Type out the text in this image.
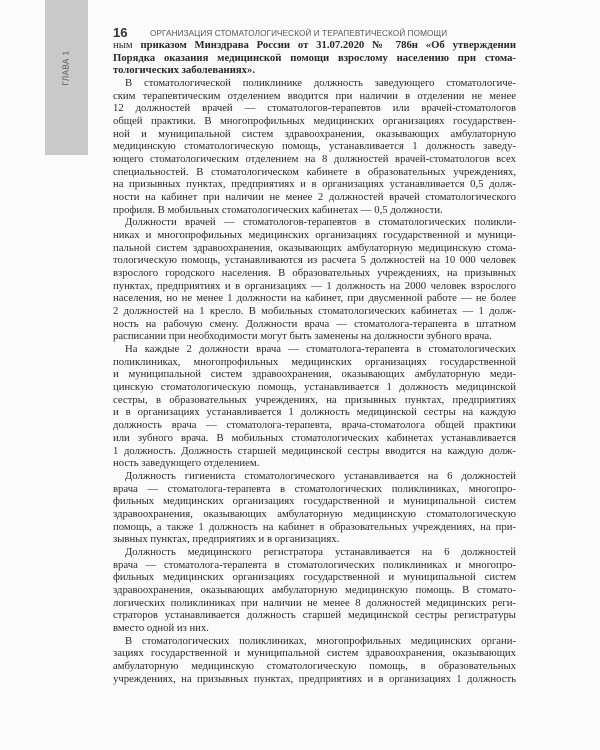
ГЛАВА 1
16	ОРГАНИЗАЦИЯ СТОМАТОЛОГИЧЕСКОЙ И ТЕРАПЕВТИЧЕСКОЙ ПОМОЩИ
ным приказом Минздрава России от 31.07.2020 № 786н «Об утверждении
Порядка оказания медицинской помощи взрослому населению при стома-
тологических заболеваниях».
В стоматологической поликлинике должность заведующего стоматологиче-
ским терапевтическим отделением вводится при наличии в отделении не менее
12 должностей врачей — стоматологов-терапевтов или врачей-стоматологов
общей практики. В многопрофильных медицинских организациях государствен-
ной и муниципальной систем здравоохранения, оказывающих амбулаторную
медицинскую стоматологическую помощь, устанавливается 1 должность заведу-
ющего стоматологическим отделением на 8 должностей врачей-стоматологов всех
специальностей. В стоматологическом кабинете в образовательных учреждениях,
на призывных пунктах, предприятиях и в организациях устанавливается 0,5 долж-
ности на кабинет при наличии не менее 2 должностей врачей стоматологического
профиля. В мобильных стоматологических кабинетах — 0,5 должности.
Должности врачей — стоматологов-терапевтов в стоматологических поликли-
никах и многопрофильных медицинских организациях государственной и муници-
пальной систем здравоохранения, оказывающих амбулаторную медицинскую стома-
тологическую помощь, устанавливаются из расчета 5 должностей на 10 000 человек
взрослого городского населения. В образовательных учреждениях, на призывных
пунктах, предприятиях и в организациях — 1 должность на 2000 человек взрослого
населения, но не менее 1 должности на кабинет, при двусменной работе — не более
2 должностей на 1 кресло. В мобильных стоматологических кабинетах — 1 долж-
ность на рабочую смену. Должности врача — стоматолога-терапевта в штатном
расписании при необходимости могут быть заменены на должности зубного врача.
На каждые 2 должности врача — стоматолога-терапевта в стоматологических
поликлиниках, многопрофильных медицинских организациях государственной
и муниципальной систем здравоохранения, оказывающих амбулаторную меди-
цинскую стоматологическую помощь, устанавливается 1 должность медицинской
сестры, в образовательных учреждениях, на призывных пунктах, предприятиях
и в организациях устанавливается 1 должность медицинской сестры на каждую
должность врача — стоматолога-терапевта, врача-стоматолога общей практики
или зубного врача. В мобильных стоматологических кабинетах устанавливается
1 должность. Должность старшей медицинской сестры вводится на каждую долж-
ность заведующего отделением.
Должность гигиениста стоматологического устанавливается на 6 должностей
врача — стоматолога-терапевта в стоматологических поликлиниках, многопро-
фильных медицинских организациях государственной и муниципальной систем
здравоохранения, оказывающих амбулаторную медицинскую стоматологическую
помощь, а также 1 должность на кабинет в образовательных учреждениях, на при-
зывных пунктах, предприятиях и в организациях.
Должность медицинского регистратора устанавливается на 6 должностей
врача — стоматолога-терапевта в стоматологических поликлиниках и многопро-
фильных медицинских организациях государственной и муниципальной систем
здравоохранения, оказывающих амбулаторную медицинскую помощь. В стомато-
логических поликлиниках при наличии не менее 8 должностей медицинских реги-
страторов устанавливается должность старшей медицинской сестры регистратуры
вместо одной из них.
В стоматологических поликлиниках, многопрофильных медицинских органи-
зациях государственной и муниципальной систем здравоохранения, оказывающих
амбулаторную медицинскую стоматологическую помощь, в образовательных
учреждениях, на призывных пунктах, предприятиях и в организациях 1 должность
